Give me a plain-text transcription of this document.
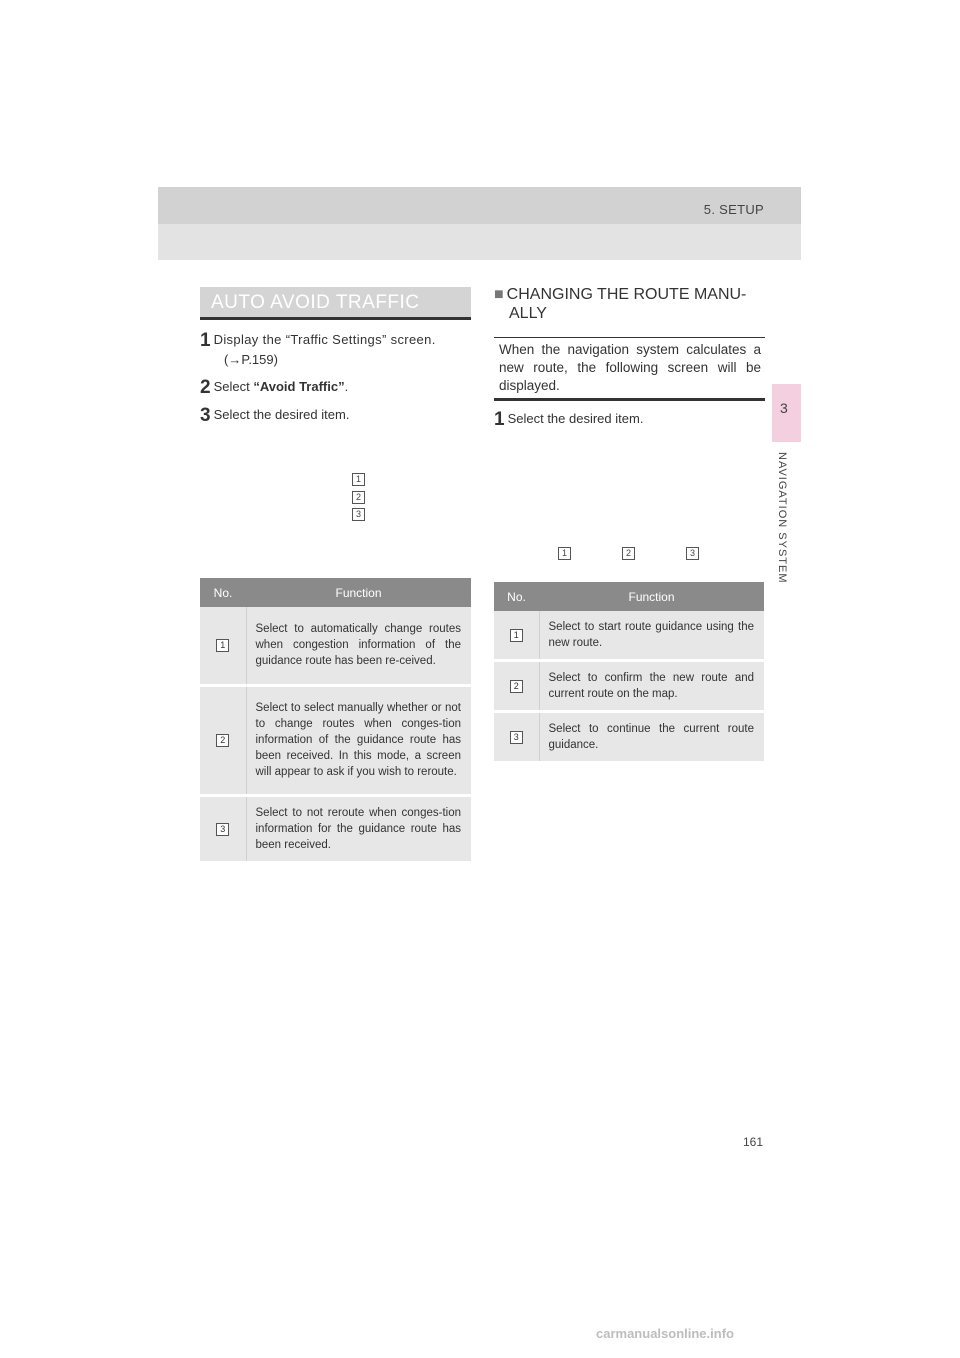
5. SETUP
3
NAVIGATION SYSTEM
AUTO AVOID TRAFFIC
1 Display the “Traffic Settings” screen.
(→P.159)
2 Select “Avoid Traffic”.
3 Select the desired item.
1
2
3
No.	Function
1	Select to automatically change routes when congestion information of the guidance route has been re-ceived.
2	Select to select manually whether or not to change routes when conges-tion information of the guidance route has been received. In this mode, a screen will appear to ask if you wish to reroute.
3	Select to not reroute when conges-tion information for the guidance route has been received.
■ CHANGING THE ROUTE MANU-
ALLY
When the navigation system calculates a new route, the following screen will be displayed.
1 Select the desired item.
1	2	3
No.	Function
1	Select to start route guidance using the new route.
2	Select to confirm the new route and current route on the map.
3	Select to continue the current route guidance.
161
carmanualsonline.info
